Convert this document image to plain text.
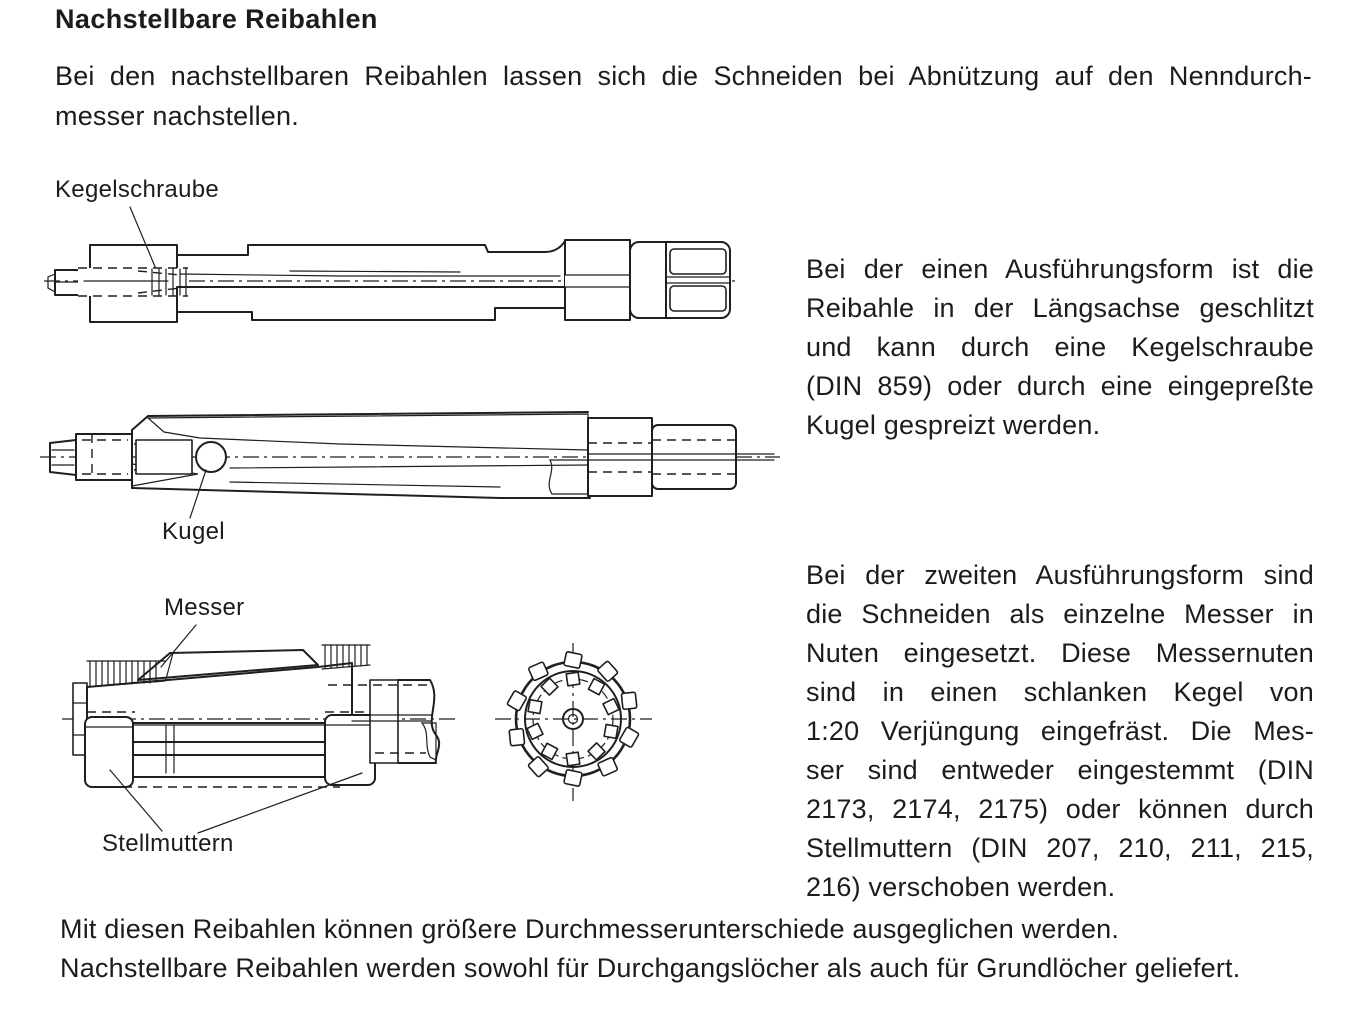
Nachstellbare Reibahlen
Bei den nachstellbaren Reibahlen lassen sich die Schneiden bei Abnützung auf den Nenndurch-
messer nachstellen.
Kegelschraube
Bei der einen Ausführungsform ist die
Reibahle in der Längsachse geschlitzt
und kann durch eine Kegelschraube
(DIN 859) oder durch eine eingepreßte
Kugel gespreizt werden.
Kugel
Messer
Stellmuttern
Bei der zweiten Ausführungsform sind
die Schneiden als einzelne Messer in
Nuten eingesetzt. Diese Messernuten
sind in einen schlanken Kegel von
1:20 Verjüngung eingefräst. Die Mes-
ser sind entweder eingestemmt (DIN
2173, 2174, 2175) oder können durch
Stellmuttern (DIN 207, 210, 211, 215,
216) verschoben werden.
Mit diesen Reibahlen können größere Durchmesserunterschiede ausgeglichen werden.
Nachstellbare Reibahlen werden sowohl für Durchgangslöcher als auch für Grundlöcher geliefert.
